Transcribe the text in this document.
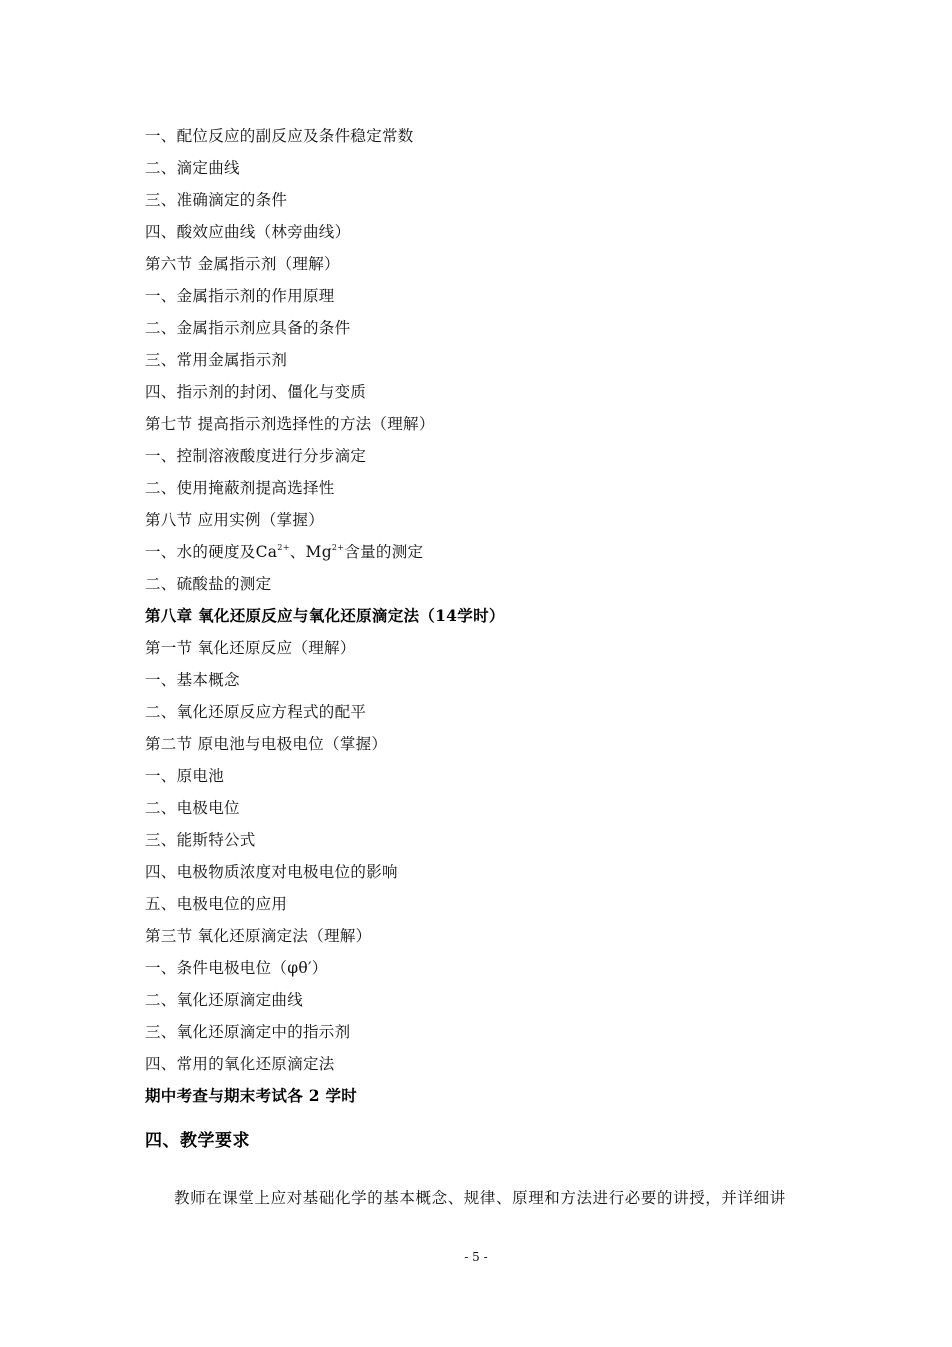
一、配位反应的副反应及条件稳定常数
二、滴定曲线
三、准确滴定的条件
四、酸效应曲线（林旁曲线）
第六节 金属指示剂（理解）
一、金属指示剂的作用原理
二、金属指示剂应具备的条件
三、常用金属指示剂
四、指示剂的封闭、僵化与变质
第七节 提高指示剂选择性的方法（理解）
一、控制溶液酸度进行分步滴定
二、使用掩蔽剂提高选择性
第八节 应用实例（掌握）
一、水的硬度及$Ca^{2+}$、$Mg^{2+}$含量的测定
二、硫酸盐的测定
第八章 氧化还原反应与氧化还原滴定法（14学时）
第一节 氧化还原反应（理解）
一、基本概念
二、氧化还原反应方程式的配平
第二节 原电池与电极电位（掌握）
一、原电池
二、电极电位
三、能斯特公式
四、电极物质浓度对电极电位的影响
五、电极电位的应用
第三节 氧化还原滴定法（理解）
一、条件电极电位（φθ′）
二、氧化还原滴定曲线
三、氧化还原滴定中的指示剂
四、常用的氧化还原滴定法
期中考查与期末考试各 2 学时
四、教学要求
教师在课堂上应对基础化学的基本概念、规律、原理和方法进行必要的讲授，并详细讲
- 5 -
